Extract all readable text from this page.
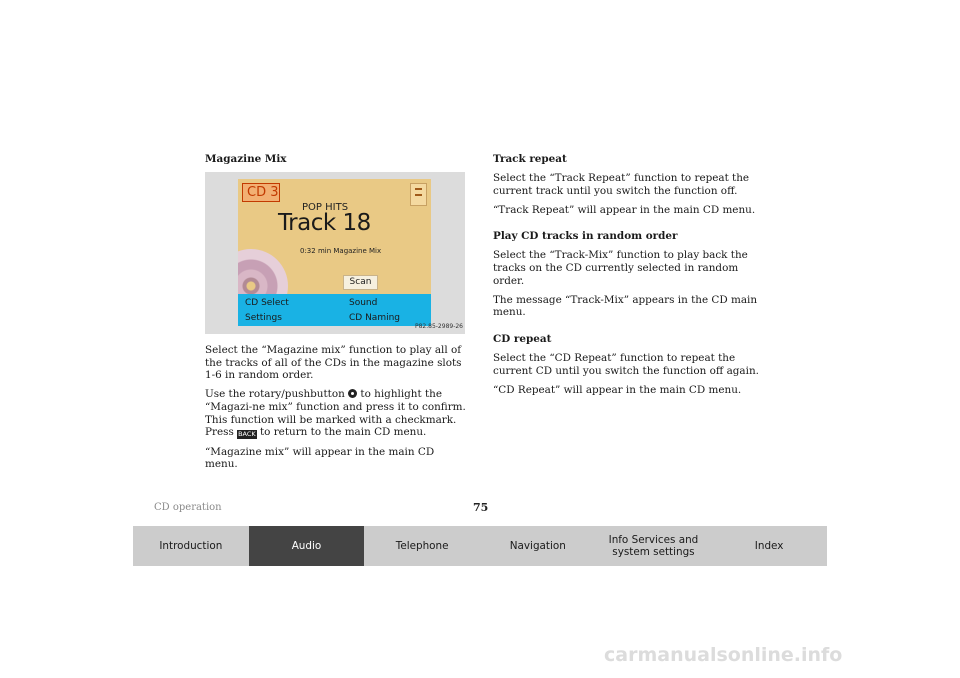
Magazine Mix
CD 3
POP HITS
Track 18
0:32 min Magazine Mix
Scan
CD Select	Sound
Settings	CD Naming
P82.85-2989-26

Select the “Magazine mix” function to play all of the tracks of all of the CDs in the magazine slots 1-6 in random order.

Use the rotary/pushbutton  to highlight the “Magazi-ne mix” function and press it to confirm. This function will be marked with a checkmark.
Press BACK to return to the main CD menu.

“Magazine mix” will appear in the main CD menu.

Track repeat

Select the “Track Repeat” function to repeat the current track until you switch the function off.

“Track Repeat” will appear in the main CD menu.

Play CD tracks in random order

Select the “Track-Mix” function to play back the tracks on the CD currently selected in random order.

The message “Track-Mix” appears in the CD main menu.

CD repeat

Select the “CD Repeat” function to repeat the current CD until you switch the function off again.

“CD Repeat” will appear in the main CD menu.

CD operation	75
Introduction	Audio	Telephone	Navigation	Info Services and system settings	Index
carmanualsonline.info
